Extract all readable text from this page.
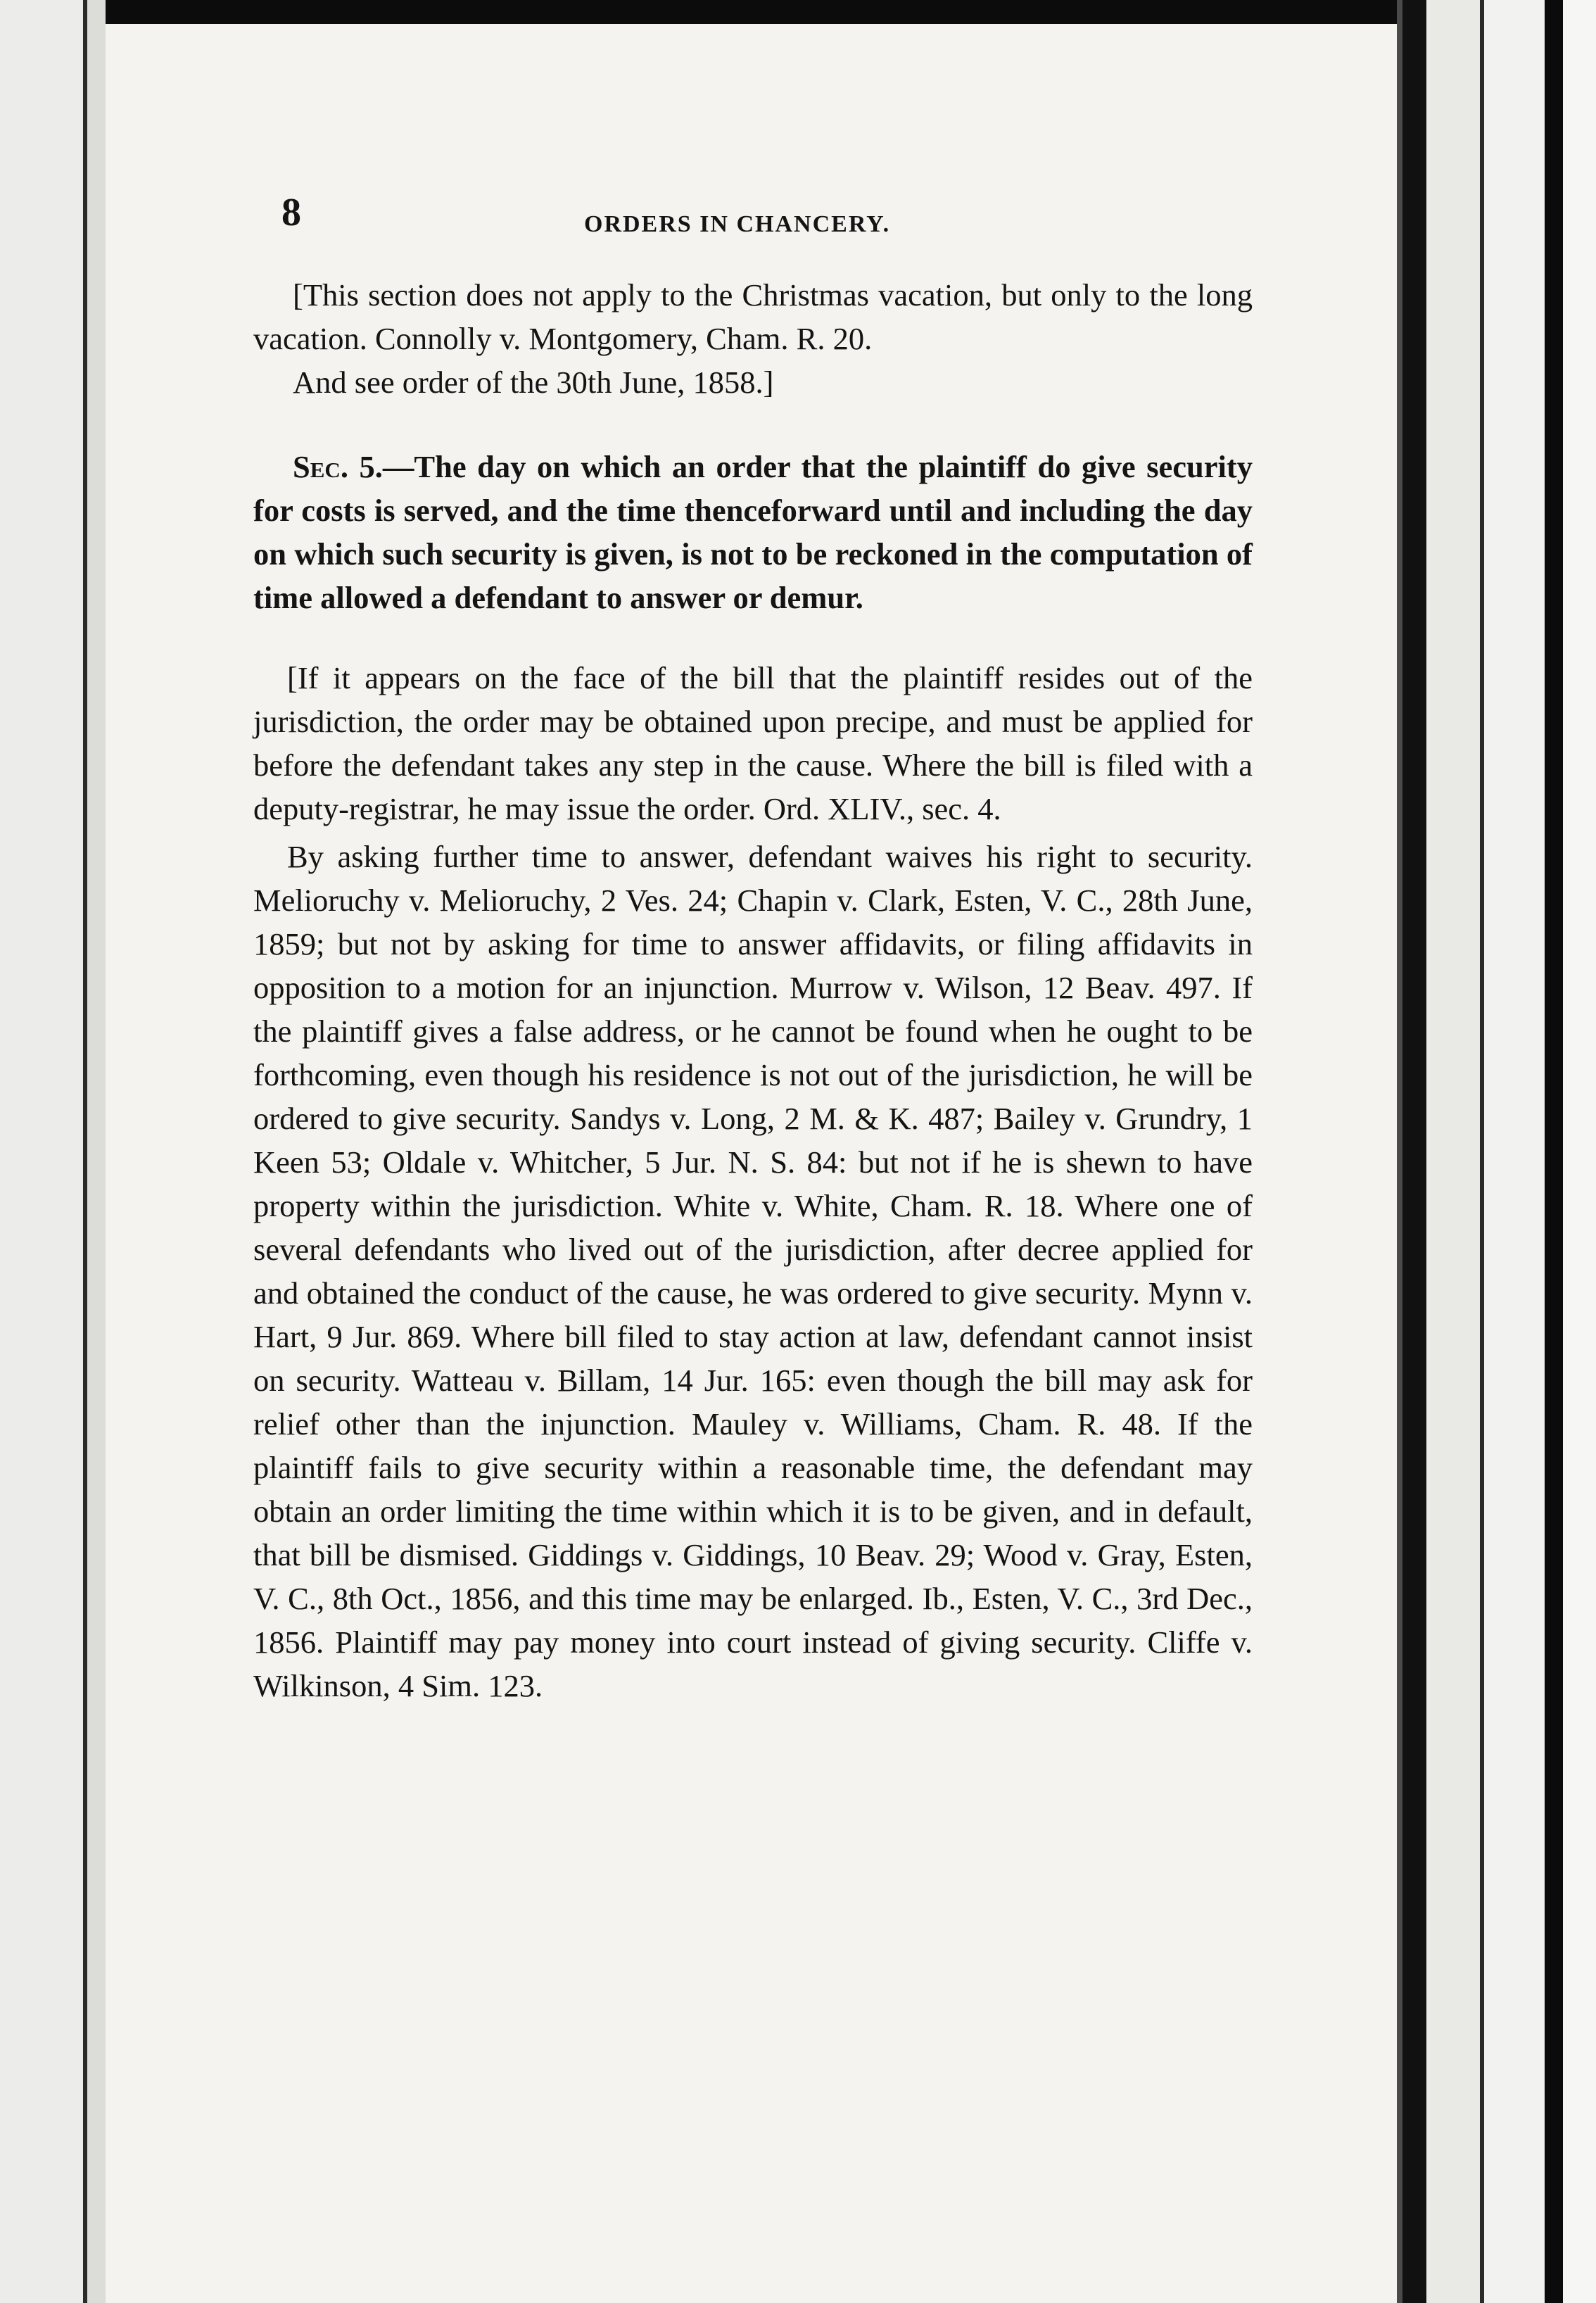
8	ORDERS IN CHANCERY.

[This section does not apply to the Christmas vacation, but only to the long vacation. Connolly v. Montgomery, Cham. R. 20.

And see order of the 30th June, 1858.]

Sec. 5.—The day on which an order that the plaintiff do give security for costs is served, and the time thenceforward until and including the day on which such security is given, is not to be reckoned in the computation of time allowed a defendant to answer or demur.

[If it appears on the face of the bill that the plaintiff resides out of the jurisdiction, the order may be obtained upon precipe, and must be applied for before the defendant takes any step in the cause. Where the bill is filed with a deputy-registrar, he may issue the order. Ord. XLIV., sec. 4.

By asking further time to answer, defendant waives his right to security. Melioruchy v. Melioruchy, 2 Ves. 24; Chapin v. Clark, Esten, V. C., 28th June, 1859; but not by asking for time to answer affidavits, or filing affidavits in opposition to a motion for an injunction. Murrow v. Wilson, 12 Beav. 497. If the plaintiff gives a false address, or he cannot be found when he ought to be forthcoming, even though his residence is not out of the jurisdiction, he will be ordered to give security. Sandys v. Long, 2 M. & K. 487; Bailey v. Grundry, 1 Keen 53; Oldale v. Whitcher, 5 Jur. N. S. 84: but not if he is shewn to have property within the jurisdiction. White v. White, Cham. R. 18. Where one of several defendants who lived out of the jurisdiction, after decree applied for and obtained the conduct of the cause, he was ordered to give security. Mynn v. Hart, 9 Jur. 869. Where bill filed to stay action at law, defendant cannot insist on security. Watteau v. Billam, 14 Jur. 165: even though the bill may ask for relief other than the injunction. Mauley v. Williams, Cham. R. 48. If the plaintiff fails to give security within a reasonable time, the defendant may obtain an order limiting the time within which it is to be given, and in default, that bill be dismised. Giddings v. Giddings, 10 Beav. 29; Wood v. Gray, Esten, V. C., 8th Oct., 1856, and this time may be enlarged. Ib., Esten, V. C., 3rd Dec., 1856. Plaintiff may pay money into court instead of giving security. Cliffe v. Wilkinson, 4 Sim. 123.
